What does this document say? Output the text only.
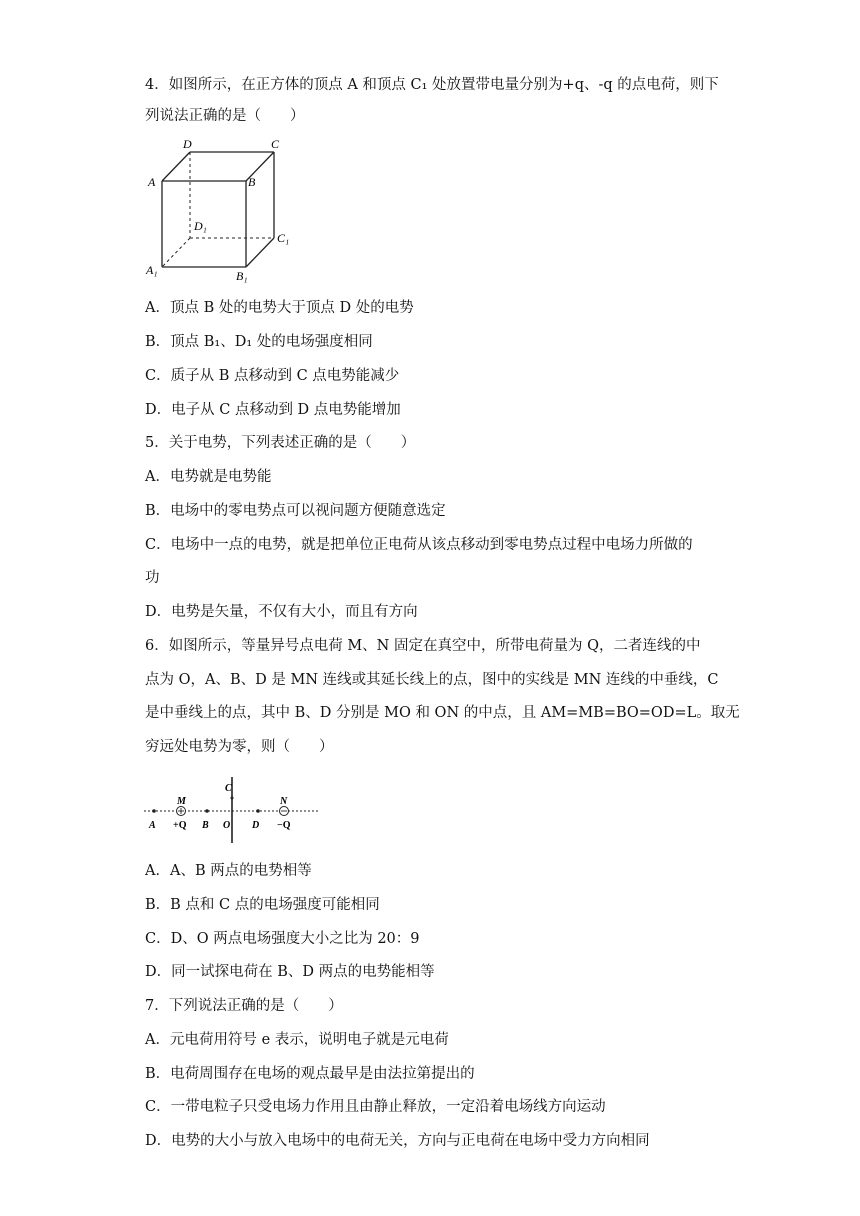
4．如图所示，在正方体的顶点 A 和顶点 C₁ 处放置带电量分别为+q、-q 的点电荷，则下
列说法正确的是（　　）
D	C
A	B
D₁
C₁
A₁	B₁
A．顶点 B 处的电势大于顶点 D 处的电势
B．顶点 B₁、D₁ 处的电场强度相同
C．质子从 B 点移动到 C 点电势能减少
D．电子从 C 点移动到 D 点电势能增加
5．关于电势，下列表述正确的是（　　）
A．电势就是电势能
B．电场中的零电势点可以视问题方便随意选定
C．电场中一点的电势，就是把单位正电荷从该点移动到零电势点过程中电场力所做的
功
D．电势是矢量，不仅有大小，而且有方向
6．如图所示，等量异号点电荷 M、N 固定在真空中，所带电荷量为 Q，二者连线的中
点为 O，A、B、D 是 MN 连线或其延长线上的点，图中的实线是 MN 连线的中垂线，C
是中垂线上的点，其中 B、D 分别是 MO 和 ON 的中点，且 AM=MB=BO=OD=L。取无
穷远处电势为零，则（　　）
C
M	N
A	B O D
+Q	−Q
A．A、B 两点的电势相等
B．B 点和 C 点的电场强度可能相同
C．D、O 两点电场强度大小之比为 20：9
D．同一试探电荷在 B、D 两点的电势能相等
7．下列说法正确的是（　　）
A．元电荷用符号 e 表示，说明电子就是元电荷
B．电荷周围存在电场的观点最早是由法拉第提出的
C．一带电粒子只受电场力作用且由静止释放，一定沿着电场线方向运动
D．电势的大小与放入电场中的电荷无关，方向与正电荷在电场中受力方向相同
